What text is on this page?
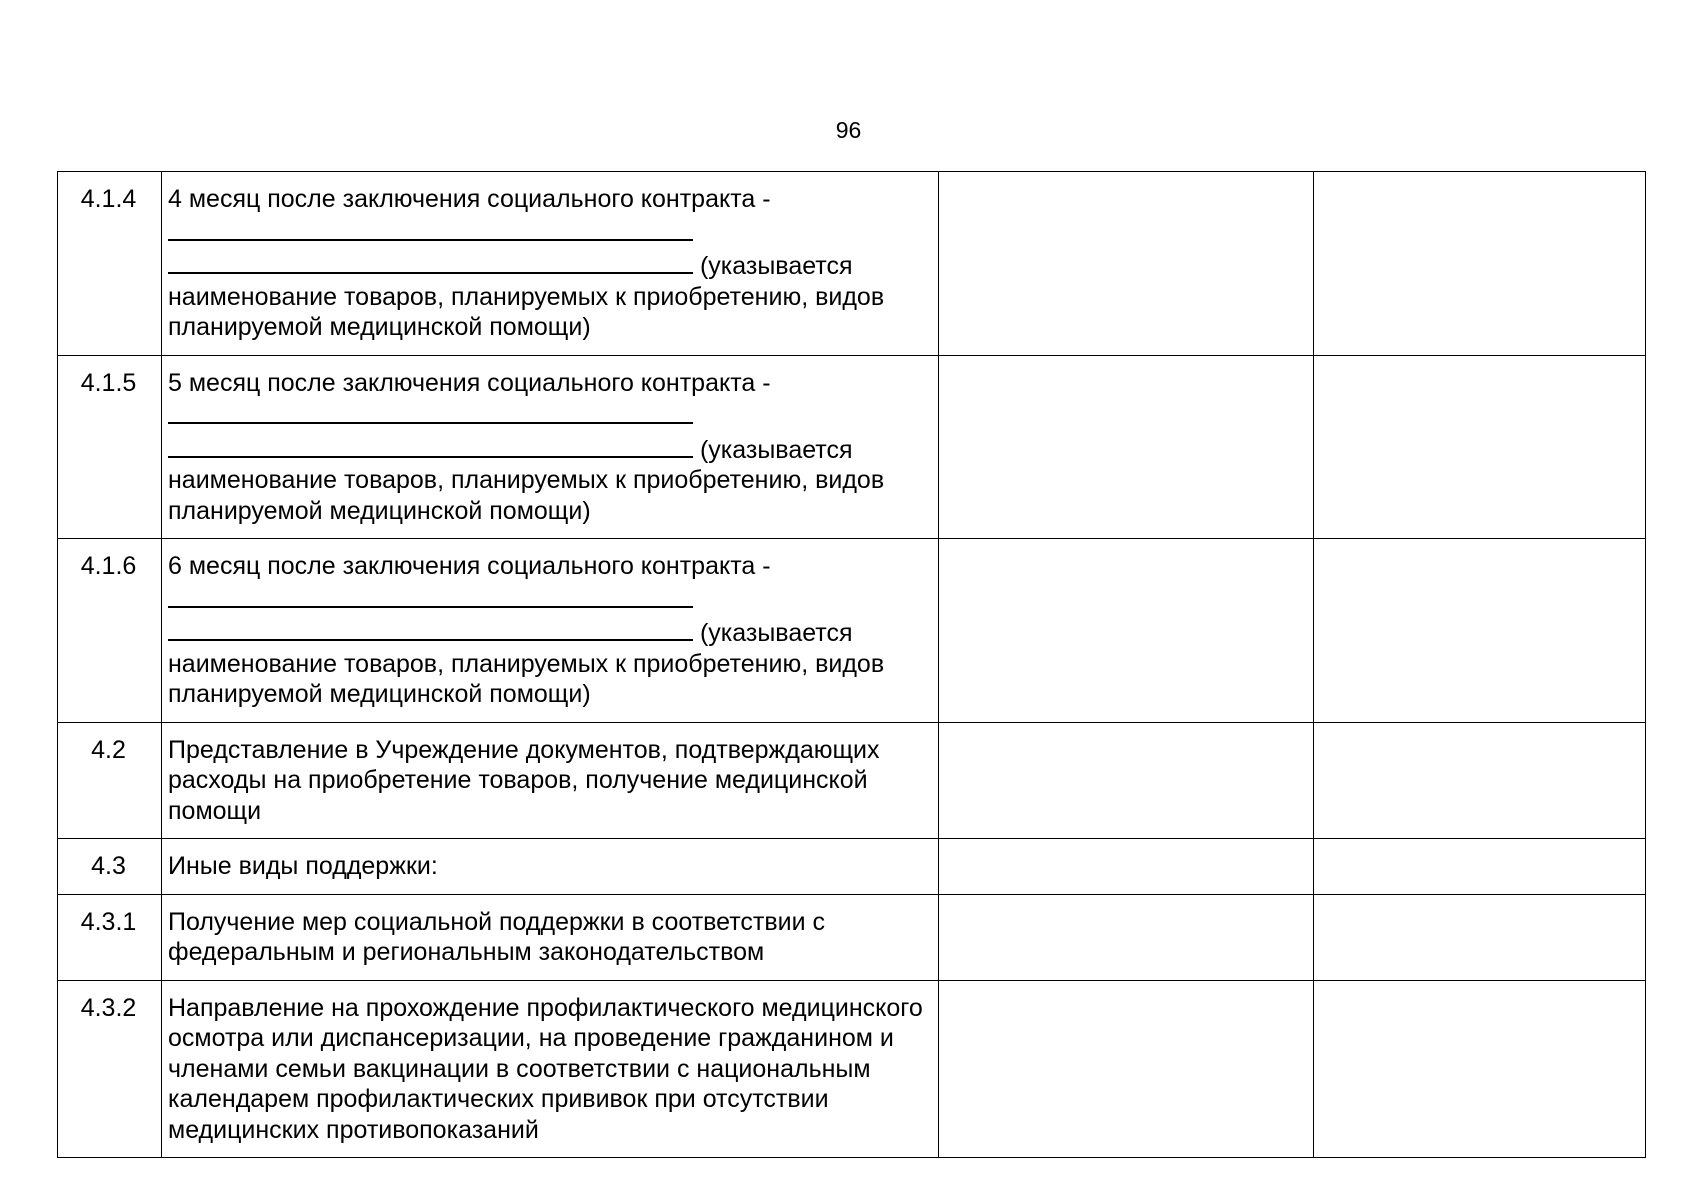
96
4.1.4	4 месяц после заключения социального контракта -
(указывается
наименование товаров, планируемых к приобретению, видов планируемой медицинской помощи)		
4.1.5	5 месяц после заключения социального контракта -
(указывается
наименование товаров, планируемых к приобретению, видов планируемой медицинской помощи)		
4.1.6	6 месяц после заключения социального контракта -
(указывается
наименование товаров, планируемых к приобретению, видов планируемой медицинской помощи)		
4.2	Представление в Учреждение документов, подтверждающих расходы на приобретение товаров, получение медицинской помощи		
4.3	Иные виды поддержки:		
4.3.1	Получение мер социальной поддержки в соответствии с федеральным и региональным законодательством		
4.3.2	Направление на прохождение профилактического медицинского осмотра или диспансеризации, на проведение гражданином и членами семьи вакцинации в соответствии с национальным календарем профилактических прививок при отсутствии медицинских противопоказаний		
